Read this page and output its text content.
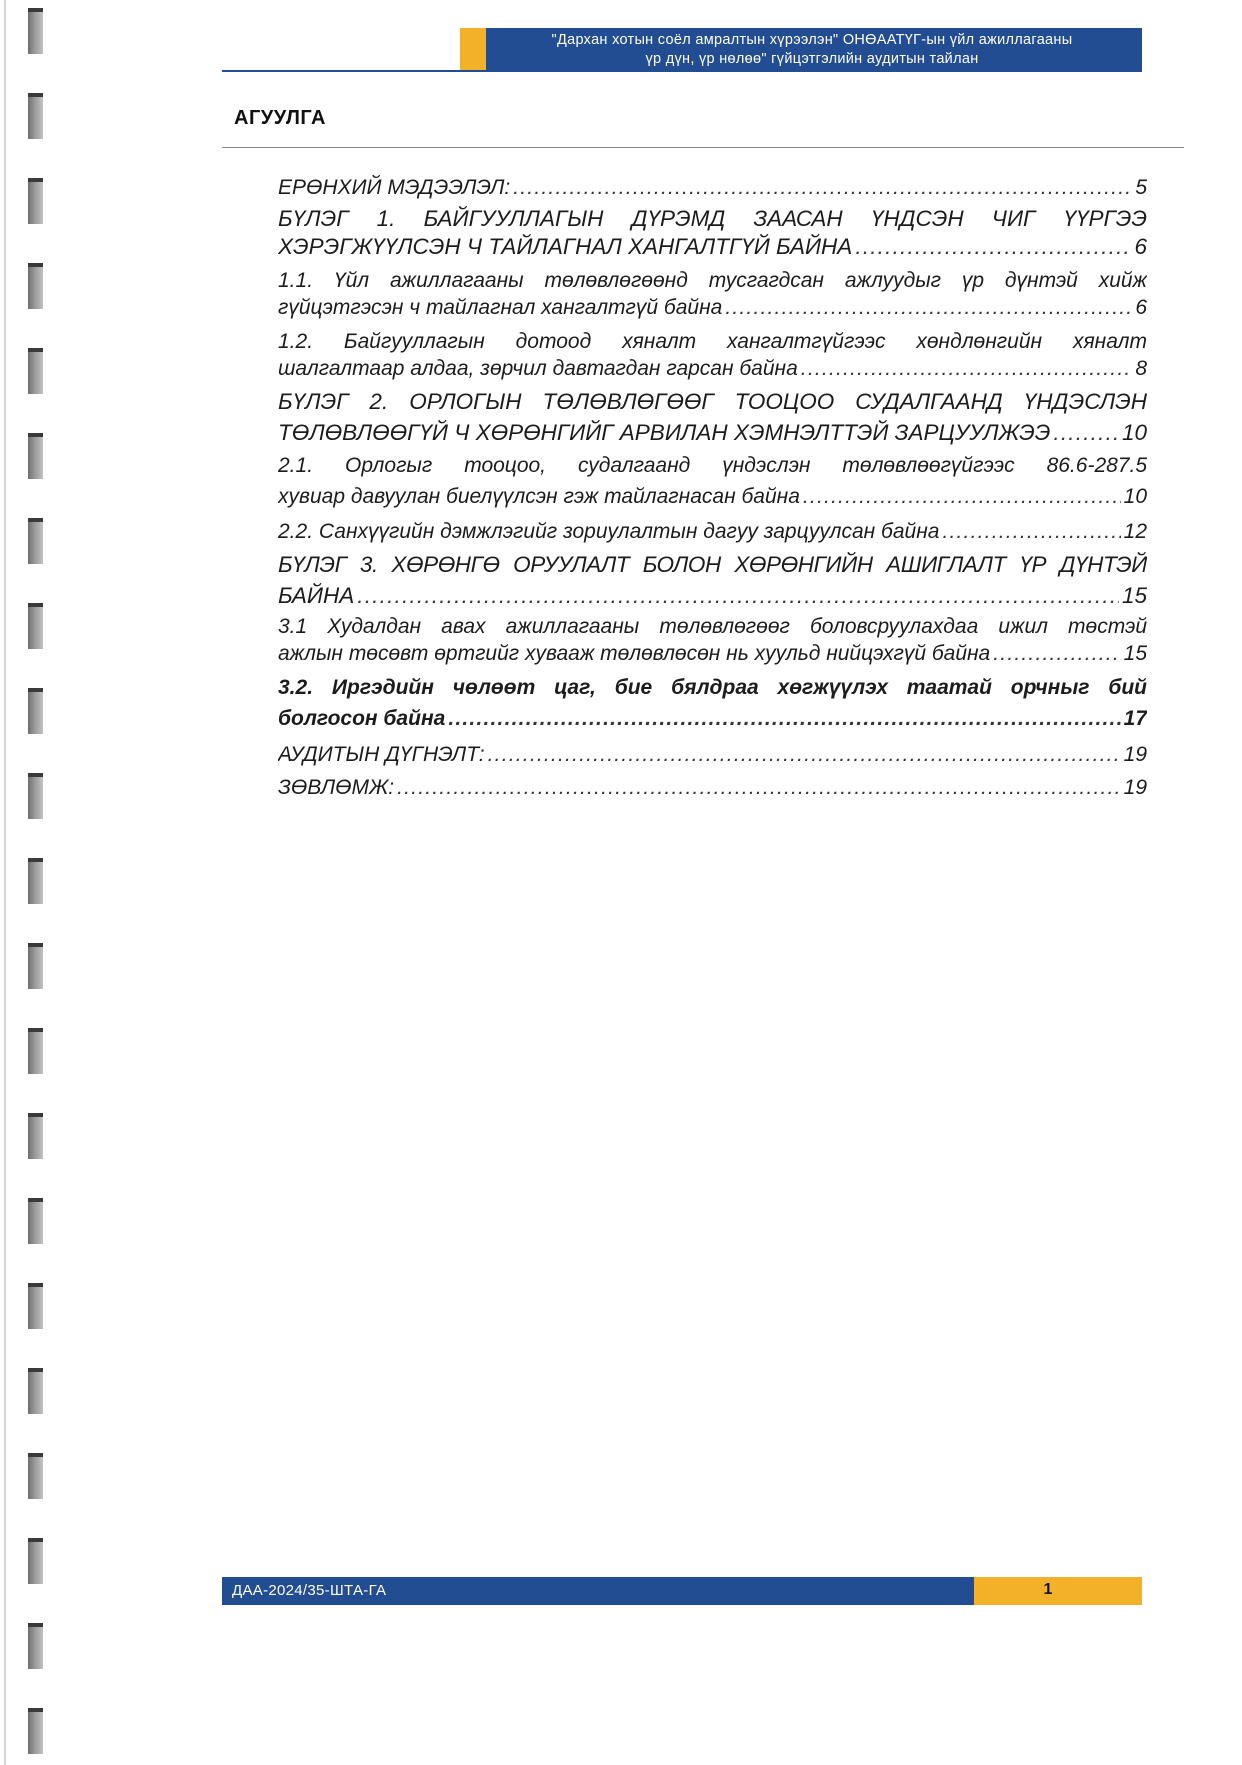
"Дархан хотын соёл амралтын хүрээлэн" ОНӨААТҮГ-ын үйл ажиллагааны
үр дүн, үр нөлөө" гүйцэтгэлийн аудитын тайлан
АГУУЛГА
ЕРӨНХИЙ МЭДЭЭЛЭЛ: .....	5
БҮЛЭГ 1. БАЙГУУЛЛАГЫН ДҮРЭМД ЗААСАН ҮНДСЭН ЧИГ ҮҮРГЭЭ
ХЭРЭГЖҮҮЛСЭН Ч ТАЙЛАГНАЛ ХАНГАЛТГҮЙ БАЙНА .....	6
1.1. Үйл ажиллагааны төлөвлөгөөнд тусгагдсан ажлуудыг үр дүнтэй хийж
гүйцэтгэсэн ч тайлагнал хангалтгүй байна .....	6
1.2. Байгууллагын дотоод хяналт хангалтгүйгээс хөндлөнгийн хяналт
шалгалтаар алдаа, зөрчил давтагдан гарсан байна .....	8
БҮЛЭГ 2. ОРЛОГЫН ТӨЛӨВЛӨГӨӨГ ТООЦОО СУДАЛГААНД ҮНДЭСЛЭН
ТӨЛӨВЛӨӨГҮЙ Ч ХӨРӨНГИЙГ АРВИЛАН ХЭМНЭЛТТЭЙ ЗАРЦУУЛЖЭЭ .....	10
2.1. Орлогыг тооцоо, судалгаанд үндэслэн төлөвлөөгүйгээс 86.6-287.5
хувиар давуулан биелүүлсэн гэж тайлагнасан байна .....	10
2.2. Санхүүгийн дэмжлэгийг зориулалтын дагуу зарцуулсан байна .....	12
БҮЛЭГ 3. ХӨРӨНГӨ ОРУУЛАЛТ БОЛОН ХӨРӨНГИЙН АШИГЛАЛТ ҮР ДҮНТЭЙ
БАЙНА .....	15
3.1 Худалдан авах ажиллагааны төлөвлөгөөг боловсруулахдаа ижил төстэй
ажлын төсөвт өртгийг хувааж төлөвлөсөн нь хуульд нийцэхгүй байна .....	15
3.2. Иргэдийн чөлөөт цаг, бие бялдраа хөгжүүлэх таатай орчныг бий
болгосон байна .....	17
АУДИТЫН ДҮГНЭЛТ: .....	19
ЗӨВЛӨМЖ: .....	19
ДАА-2024/35-ШТА-ГА	1
